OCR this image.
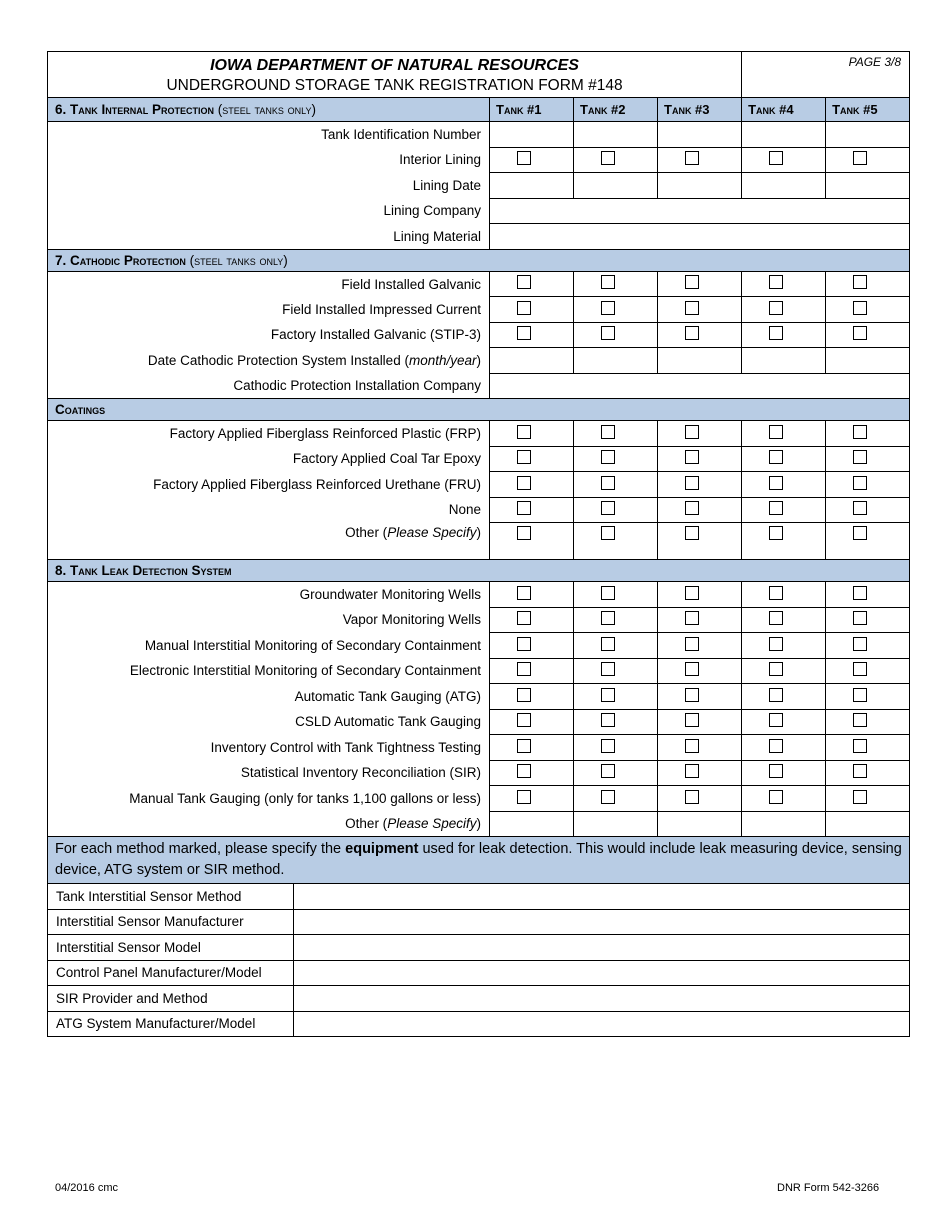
IOWA DEPARTMENT OF NATURAL RESOURCES
UNDERGROUND STORAGE TANK REGISTRATION FORM #148					PAGE 3/8	
6. Tank Internal Protection (steel tanks only)		Tank #1	Tank #2	Tank #3	Tank #4	Tank #5
Tank Identification Number						
Interior Lining						
Lining Date						
Lining Company						
Lining Material						
7. Cathodic Protection (steel tanks only)						
Field Installed Galvanic						
Field Installed Impressed Current						
Factory Installed Galvanic (STIP-3)						
Date Cathodic Protection System Installed (month/year)						
Cathodic Protection Installation Company						
Coatings						
Factory Applied Fiberglass Reinforced Plastic (FRP)						
Factory Applied Coal Tar Epoxy						
Factory Applied Fiberglass Reinforced Urethane (FRU)						
None						
Other (Please Specify)						
8. Tank Leak Detection System						
Groundwater Monitoring Wells						
Vapor Monitoring Wells						
Manual Interstitial Monitoring of Secondary Containment						
Electronic Interstitial Monitoring of Secondary Containment						
Automatic Tank Gauging (ATG)						
CSLD Automatic Tank Gauging						
Inventory Control with Tank Tightness Testing						
Statistical Inventory Reconciliation (SIR)						
Manual Tank Gauging (only for tanks 1,100 gallons or less)						
Other (Please Specify)						
For each method marked, please specify the equipment used for leak detection. This would include leak measuring device, sensing device, ATG system or SIR method.						
Tank Interstitial Sensor Method						
Interstitial Sensor Manufacturer						
Interstitial Sensor Model						
Control Panel Manufacturer/Model						
SIR Provider and Method						
ATG System Manufacturer/Model						
04/2016 cmc	DNR Form 542-3266
